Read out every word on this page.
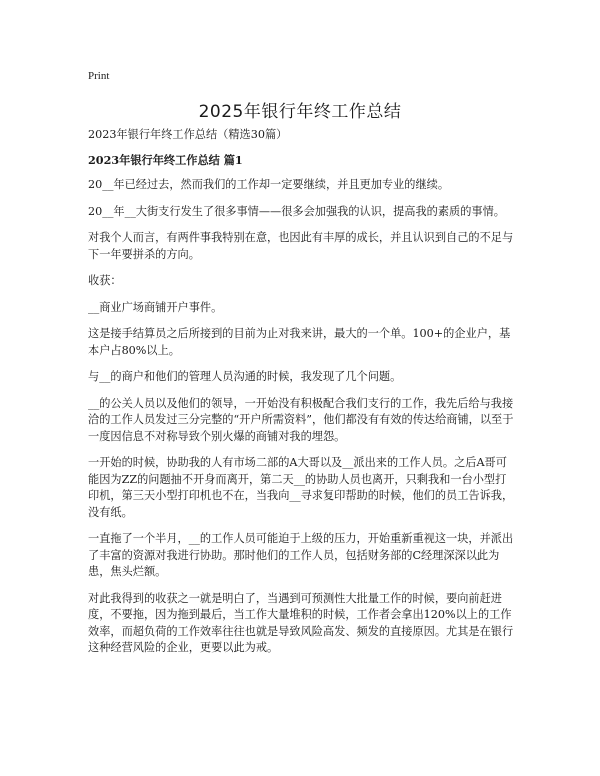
Print
2025年银行年终工作总结

2023年银行年终工作总结（精选30篇）

2023年银行年终工作总结 篇1

20__年已经过去，然而我们的工作却一定要继续，并且更加专业的继续。

20__年__大街支行发生了很多事情——很多会加强我的认识，提高我的素质的事情。

对我个人而言，有两件事我特别在意，也因此有丰厚的成长，并且认识到自己的不足与下一年要拼杀的方向。

收获：

__商业广场商铺开户事件。

这是接手结算员之后所接到的目前为止对我来讲，最大的一个单。100+的企业户，基本户占80%以上。

与__的商户和他们的管理人员沟通的时候，我发现了几个问题。

__的公关人员以及他们的领导，一开始没有积极配合我们支行的工作，我先后给与我接洽的工作人员发过三分完整的“开户所需资料”，他们都没有有效的传达给商铺，以至于一度因信息不对称导致个别火爆的商铺对我的埋怨。

一开始的时候，协助我的人有市场二部的A大哥以及__派出来的工作人员。之后A哥可能因为ZZ的问题抽不开身而离开，第二天__的协助人员也离开，只剩我和一台小型打印机，第三天小型打印机也不在，当我向__寻求复印帮助的时候，他们的员工告诉我，没有纸。

一直拖了一个半月，__的工作人员可能迫于上级的压力，开始重新重视这一块，并派出了丰富的资源对我进行协助。那时他们的工作人员，包括财务部的C经理深深以此为患，焦头烂额。

对此我得到的收获之一就是明白了，当遇到可预测性大批量工作的时候，要向前赶进度，不要拖，因为拖到最后，当工作大量堆积的时候，工作者会拿出120%以上的工作效率，而超负荷的工作效率往往也就是导致风险高发、频发的直接原因。尤其是在银行这种经营风险的企业，更要以此为戒。
